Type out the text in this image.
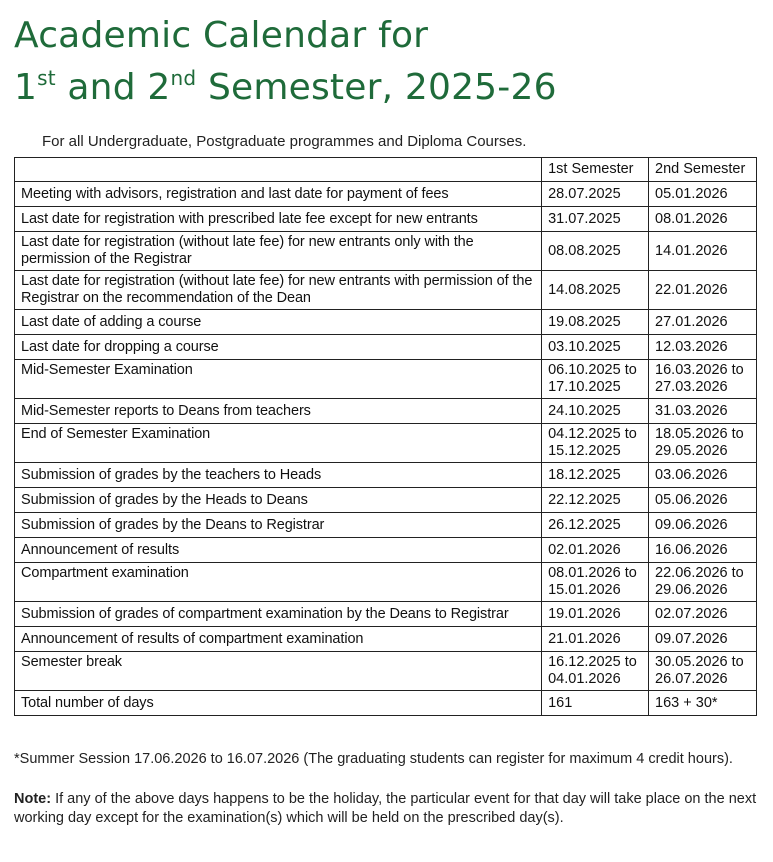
Academic Calendar for
1st and 2nd Semester, 2025-26
For all Undergraduate, Postgraduate programmes and Diploma Courses.
	1st Semester	2nd Semester
Meeting with advisors, registration and last date for payment of fees	28.07.2025	05.01.2026
Last date for registration with prescribed late fee except for new entrants	31.07.2025	08.01.2026
Last date for registration (without late fee) for new entrants only with the permission of the Registrar	08.08.2025	14.01.2026
Last date for registration (without late fee) for new entrants with permission of the Registrar on the recommendation of the Dean	14.08.2025	22.01.2026
Last date of adding a course	19.08.2025	27.01.2026
Last date for dropping a course	03.10.2025	12.03.2026
Mid-Semester Examination	06.10.2025 to 17.10.2025	16.03.2026 to 27.03.2026
Mid-Semester reports to Deans from teachers	24.10.2025	31.03.2026
End of Semester Examination	04.12.2025 to 15.12.2025	18.05.2026 to 29.05.2026
Submission of grades by the teachers to Heads	18.12.2025	03.06.2026
Submission of grades by the Heads to Deans	22.12.2025	05.06.2026
Submission of grades by the Deans to Registrar	26.12.2025	09.06.2026
Announcement of results	02.01.2026	16.06.2026
Compartment examination	08.01.2026 to 15.01.2026	22.06.2026 to 29.06.2026
Submission of grades of compartment examination by the Deans to Registrar	19.01.2026	02.07.2026
Announcement of results of compartment examination	21.01.2026	09.07.2026
Semester break	16.12.2025 to 04.01.2026	30.05.2026 to 26.07.2026
Total number of days	161	163 + 30*
*Summer Session 17.06.2026 to 16.07.2026 (The graduating students can register for maximum 4 credit hours).
Note: If any of the above days happens to be the holiday, the particular event for that day will take place on the next working day except for the examination(s) which will be held on the prescribed day(s).
